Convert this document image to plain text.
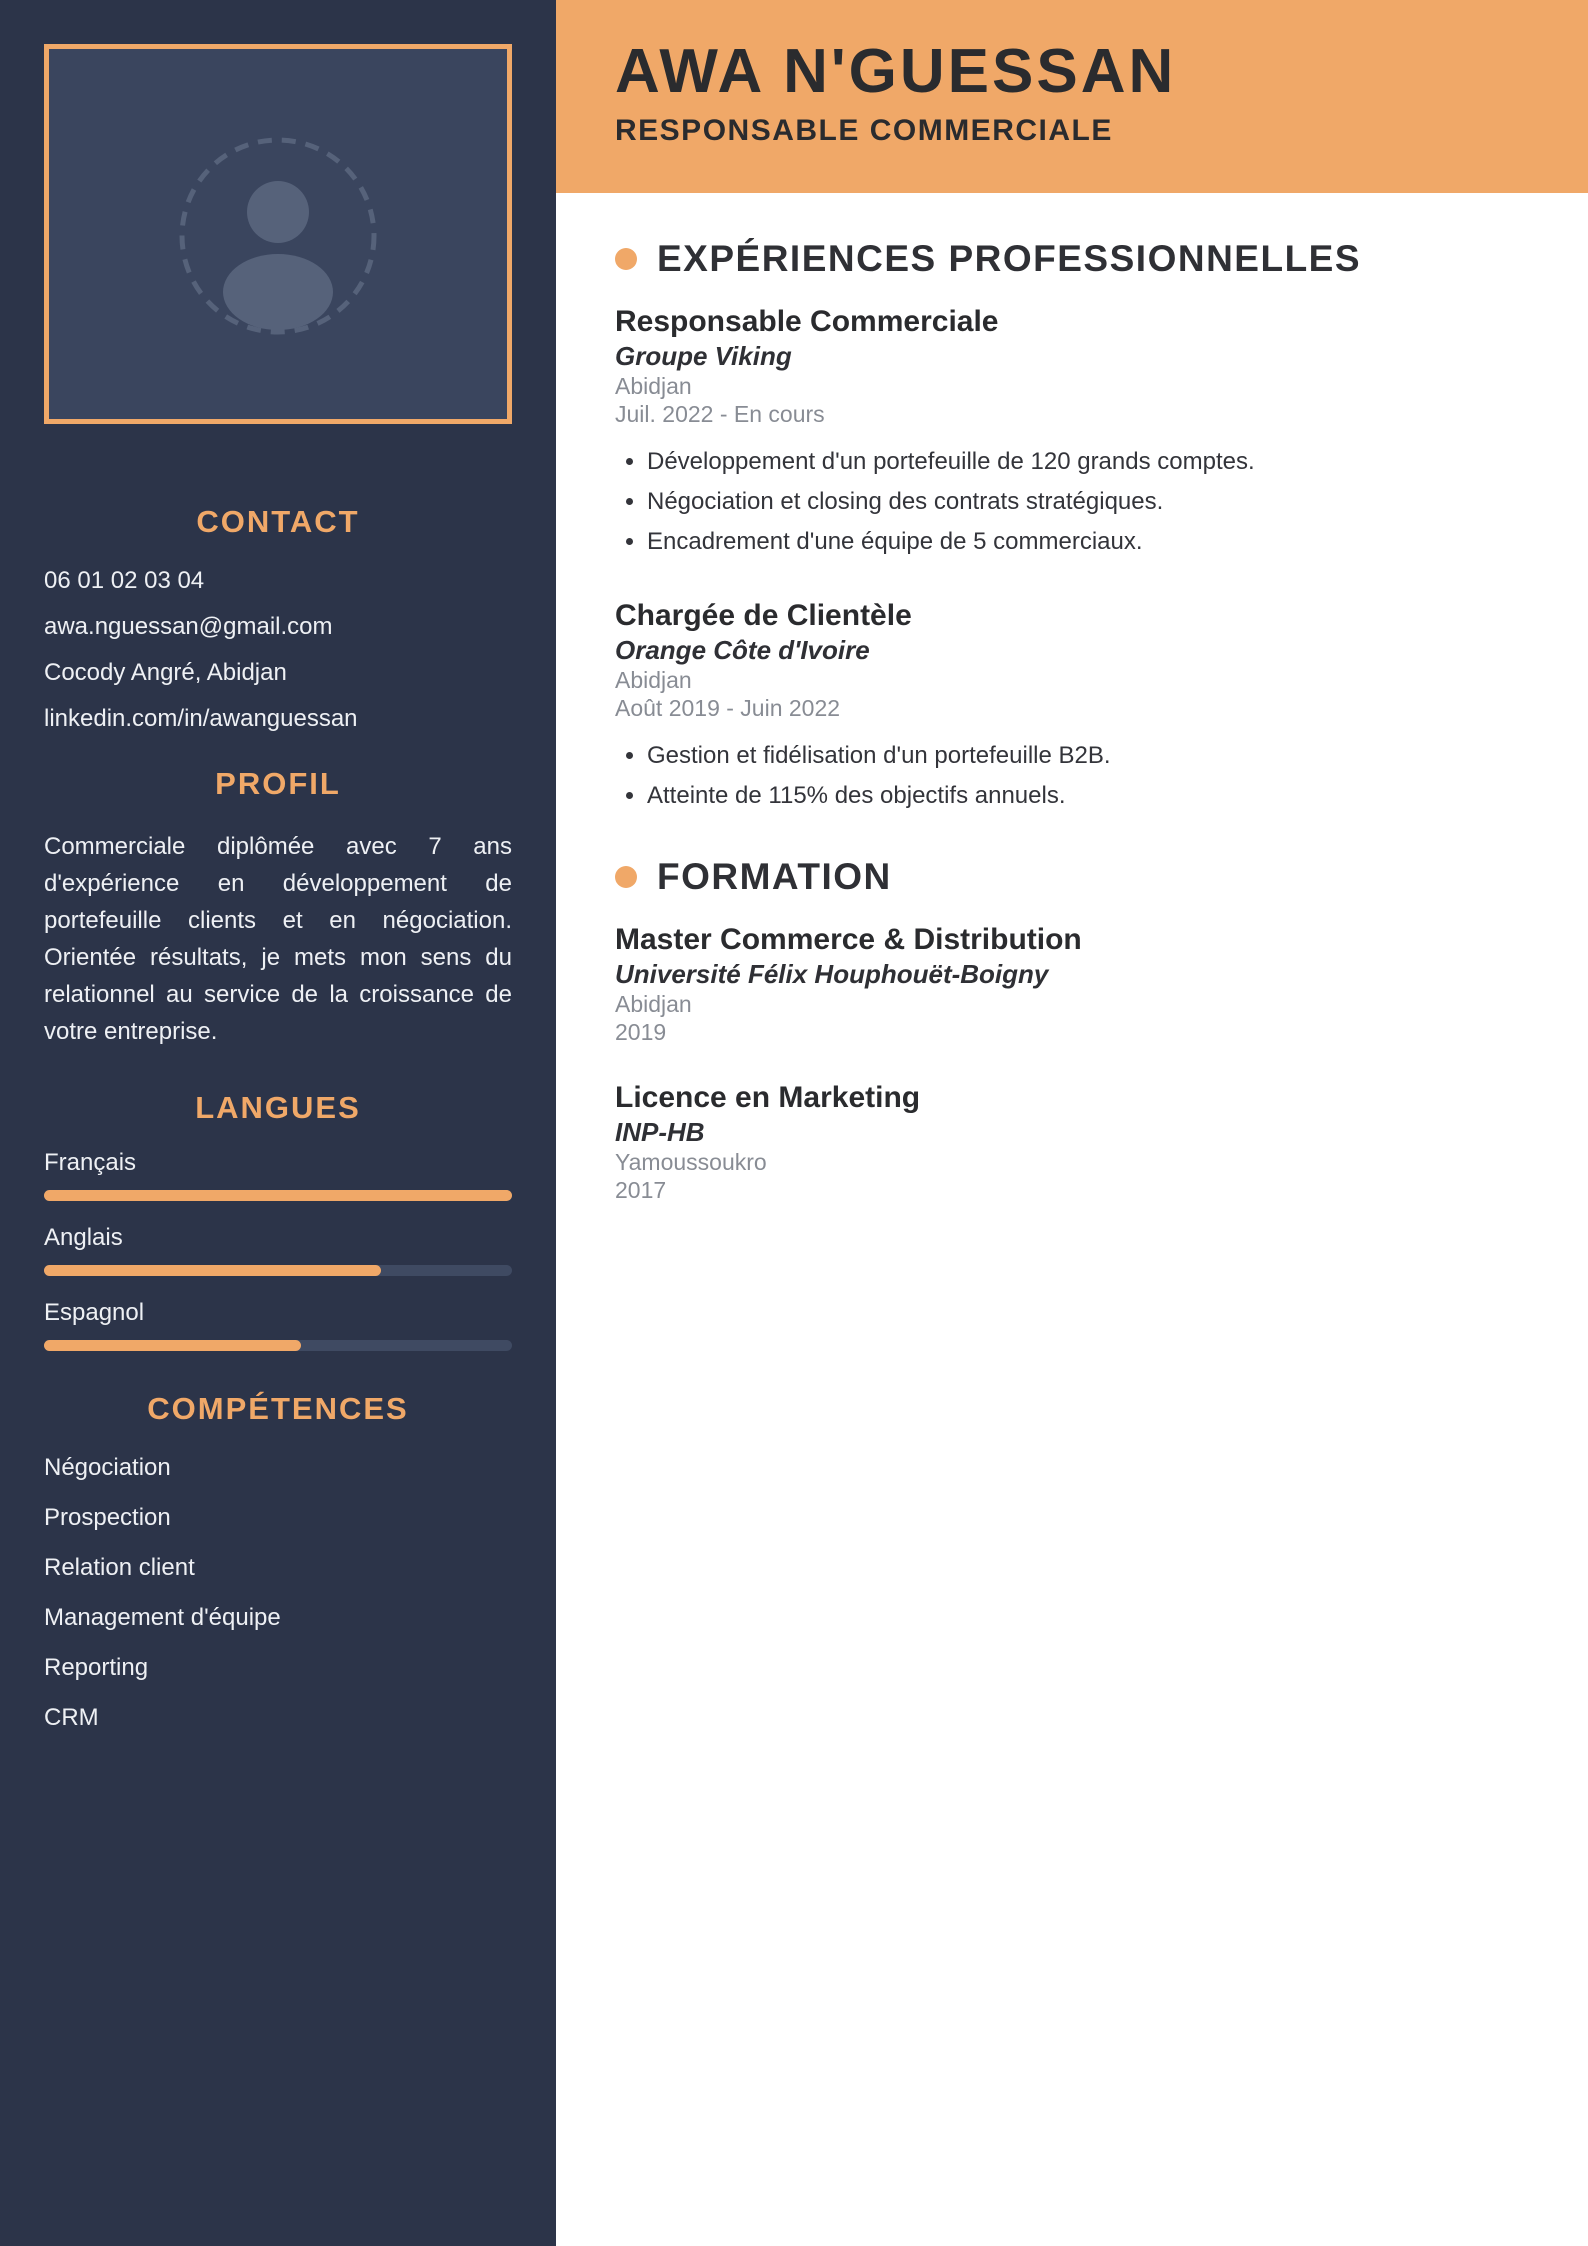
CONTACT

06 01 02 03 04

awa.nguessan@gmail.com

Cocody Angré, Abidjan

linkedin.com/in/awanguessan

PROFIL

Commerciale diplômée avec 7 ans d'expérience en développement de portefeuille clients et en négociation. Orientée résultats, je mets mon sens du relationnel au service de la croissance de votre entreprise.

LANGUES

Français

Anglais

Espagnol

COMPÉTENCES

Négociation

Prospection

Relation client

Management d'équipe

Reporting

CRM

AWA N'GUESSAN

RESPONSABLE COMMERCIALE

EXPÉRIENCES PROFESSIONNELLES

Responsable Commerciale

Groupe Viking

Abidjan

Juil. 2022 - En cours

• Développement d'un portefeuille de 120 grands comptes.
• Négociation et closing des contrats stratégiques.
• Encadrement d'une équipe de 5 commerciaux.

Chargée de Clientèle

Orange Côte d'Ivoire

Abidjan

Août 2019 - Juin 2022

• Gestion et fidélisation d'un portefeuille B2B.
• Atteinte de 115% des objectifs annuels.
FORMATION

Master Commerce & Distribution

Université Félix Houphouët-Boigny

Abidjan

2019

Licence en Marketing

INP-HB

Yamoussoukro

2017
